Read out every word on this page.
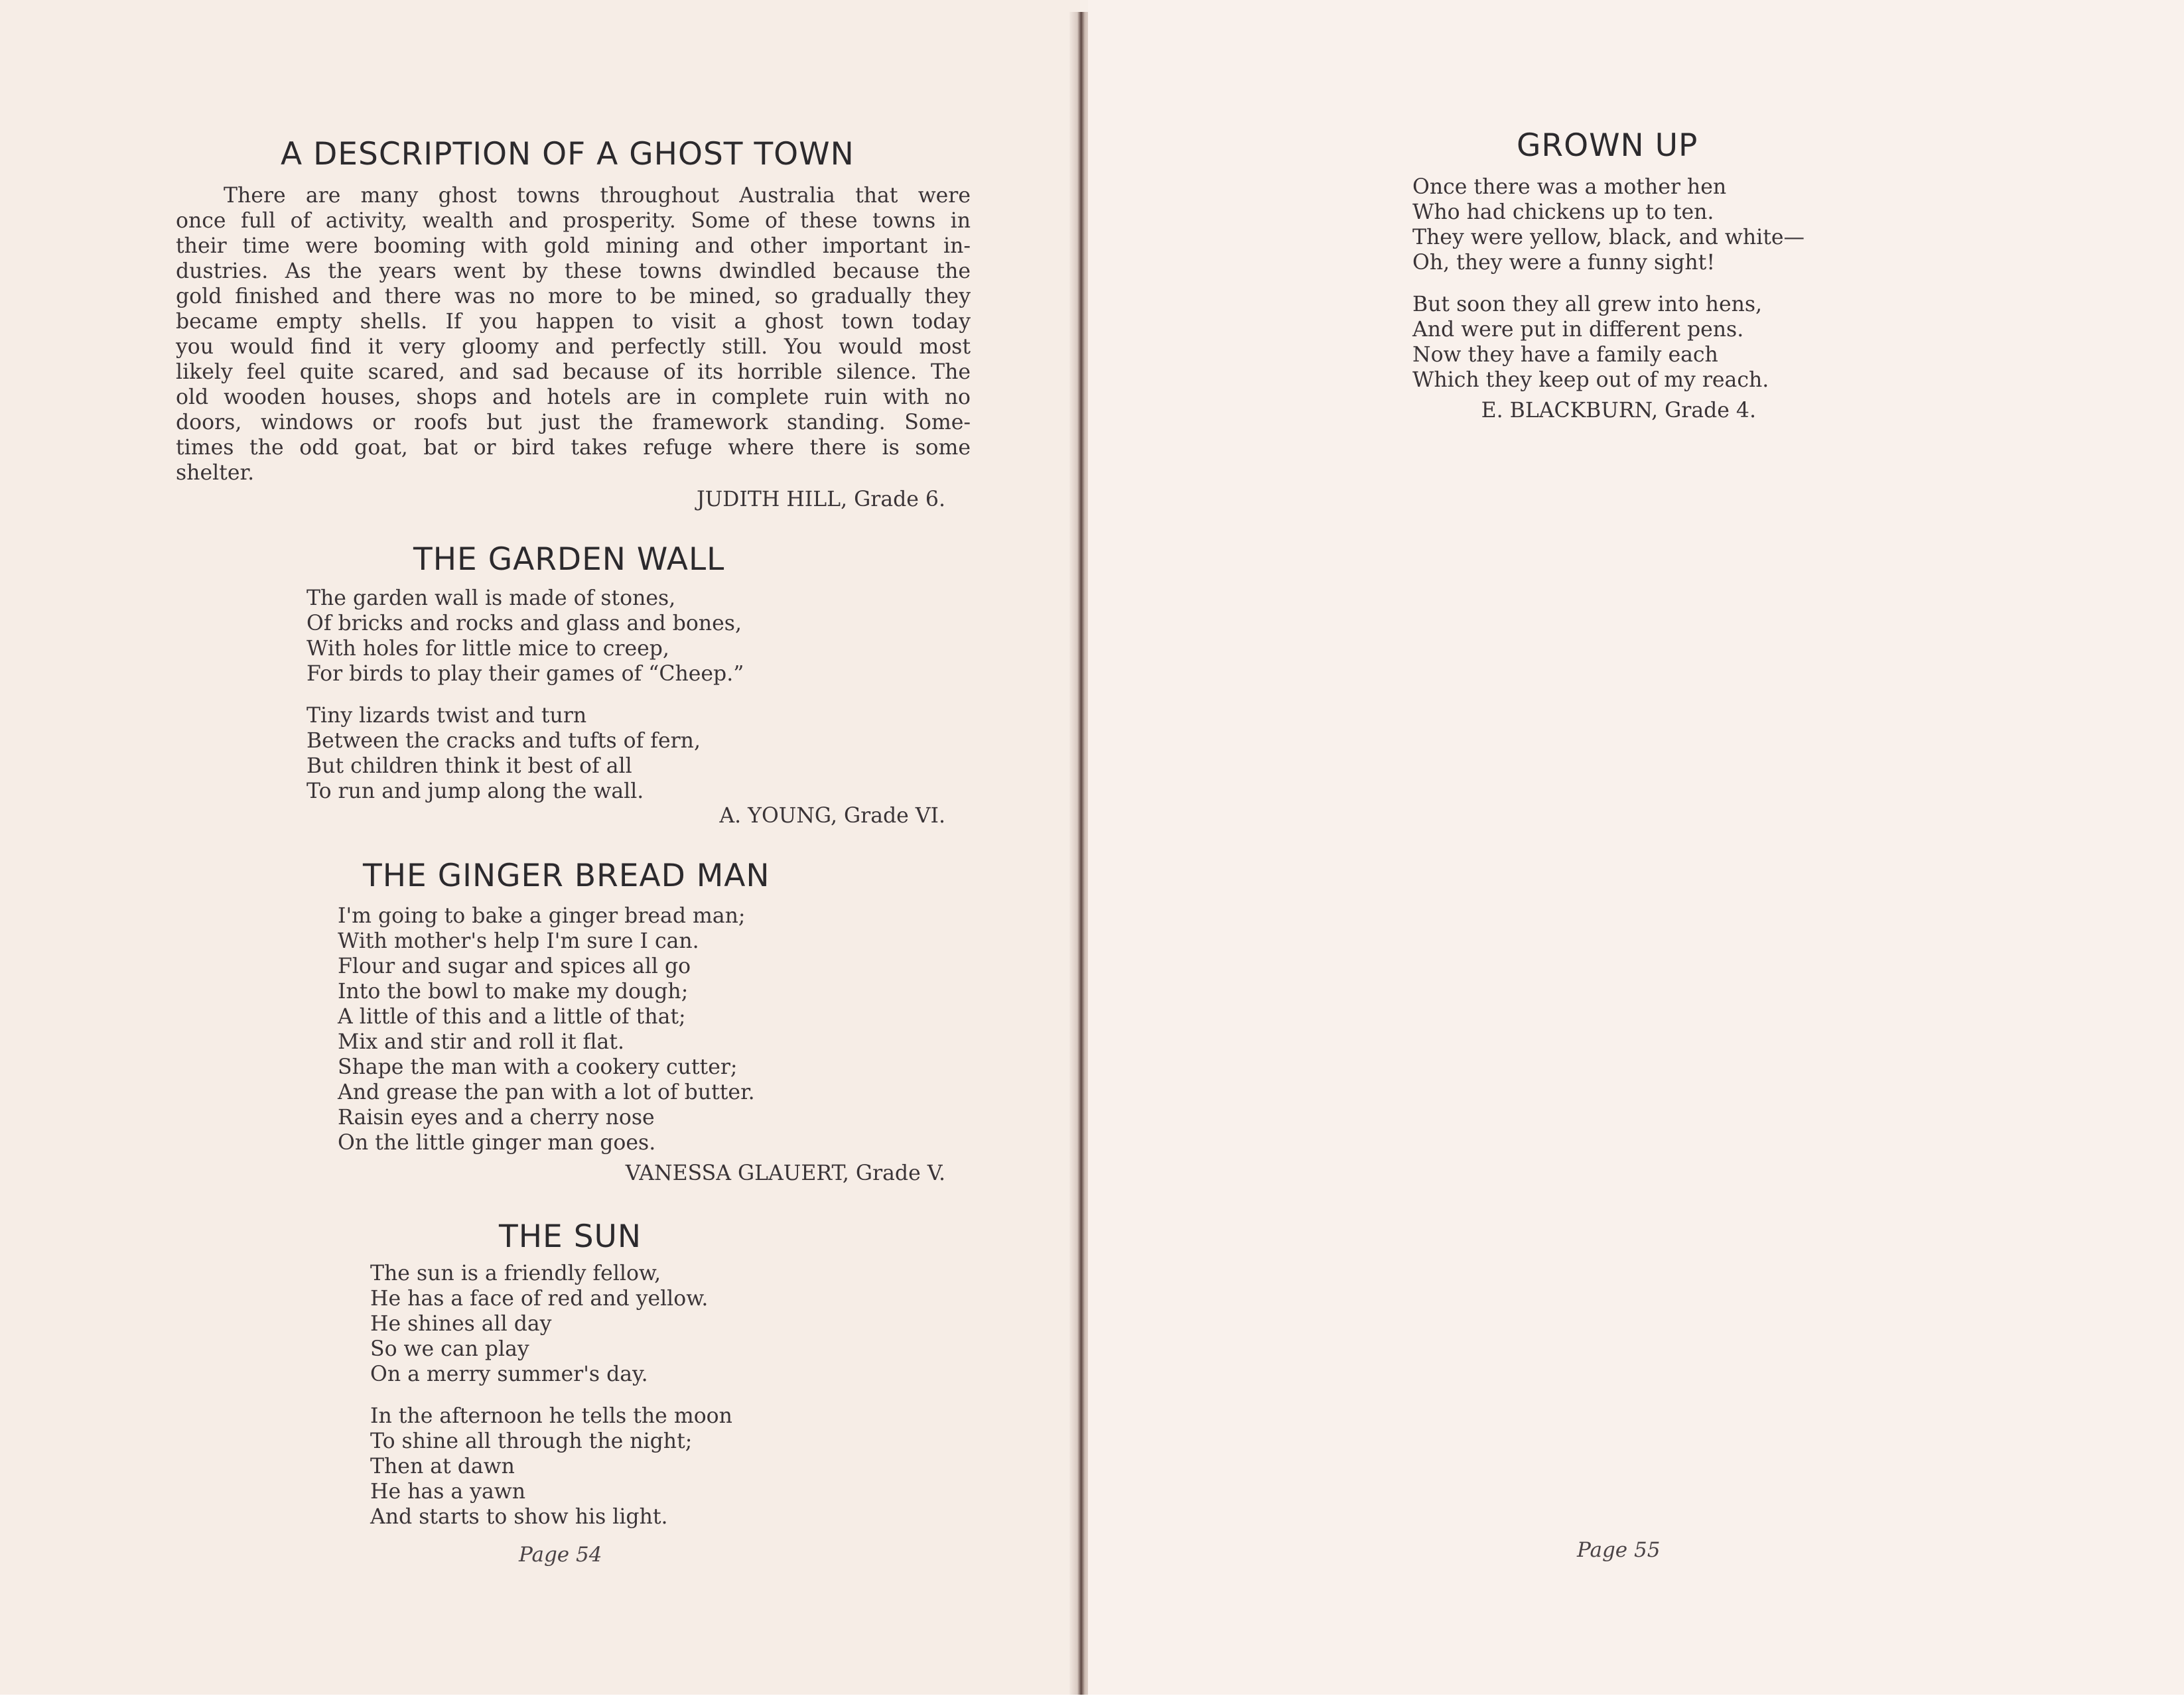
A DESCRIPTION OF A GHOST TOWN
There are many ghost towns throughout Australia that were
once full of activity, wealth and prosperity. Some of these towns in
their time were booming with gold mining and other important in-
dustries. As the years went by these towns dwindled because the
gold finished and there was no more to be mined, so gradually they
became empty shells. If you happen to visit a ghost town today
you would find it very gloomy and perfectly still. You would most
likely feel quite scared, and sad because of its horrible silence. The
old wooden houses, shops and hotels are in complete ruin with no
doors, windows or roofs but just the framework standing. Some-
times the odd goat, bat or bird takes refuge where there is some
shelter.

JUDITH HILL, Grade 6.

THE GARDEN WALL
The garden wall is made of stones,
Of bricks and rocks and glass and bones,
With holes for little mice to creep,
For birds to play their games of “Cheep.”
Tiny lizards twist and turn
Between the cracks and tufts of fern,
But children think it best of all
To run and jump along the wall.

A. YOUNG, Grade VI.

THE GINGER BREAD MAN
I'm going to bake a ginger bread man;
With mother's help I'm sure I can.
Flour and sugar and spices all go
Into the bowl to make my dough;
A little of this and a little of that;
Mix and stir and roll it flat.
Shape the man with a cookery cutter;
And grease the pan with a lot of butter.
Raisin eyes and a cherry nose
On the little ginger man goes.

VANESSA GLAUERT, Grade V.

THE SUN
The sun is a friendly fellow,
He has a face of red and yellow.
He shines all day
So we can play
On a merry summer's day.
In the afternoon he tells the moon
To shine all through the night;
Then at dawn
He has a yawn
And starts to show his light.

Page 54

GROWN UP
Once there was a mother hen
Who had chickens up to ten.
They were yellow, black, and white—
Oh, they were a funny sight!
But soon they all grew into hens,
And were put in different pens.
Now they have a family each
Which they keep out of my reach.

E. BLACKBURN, Grade 4.

Page 55
